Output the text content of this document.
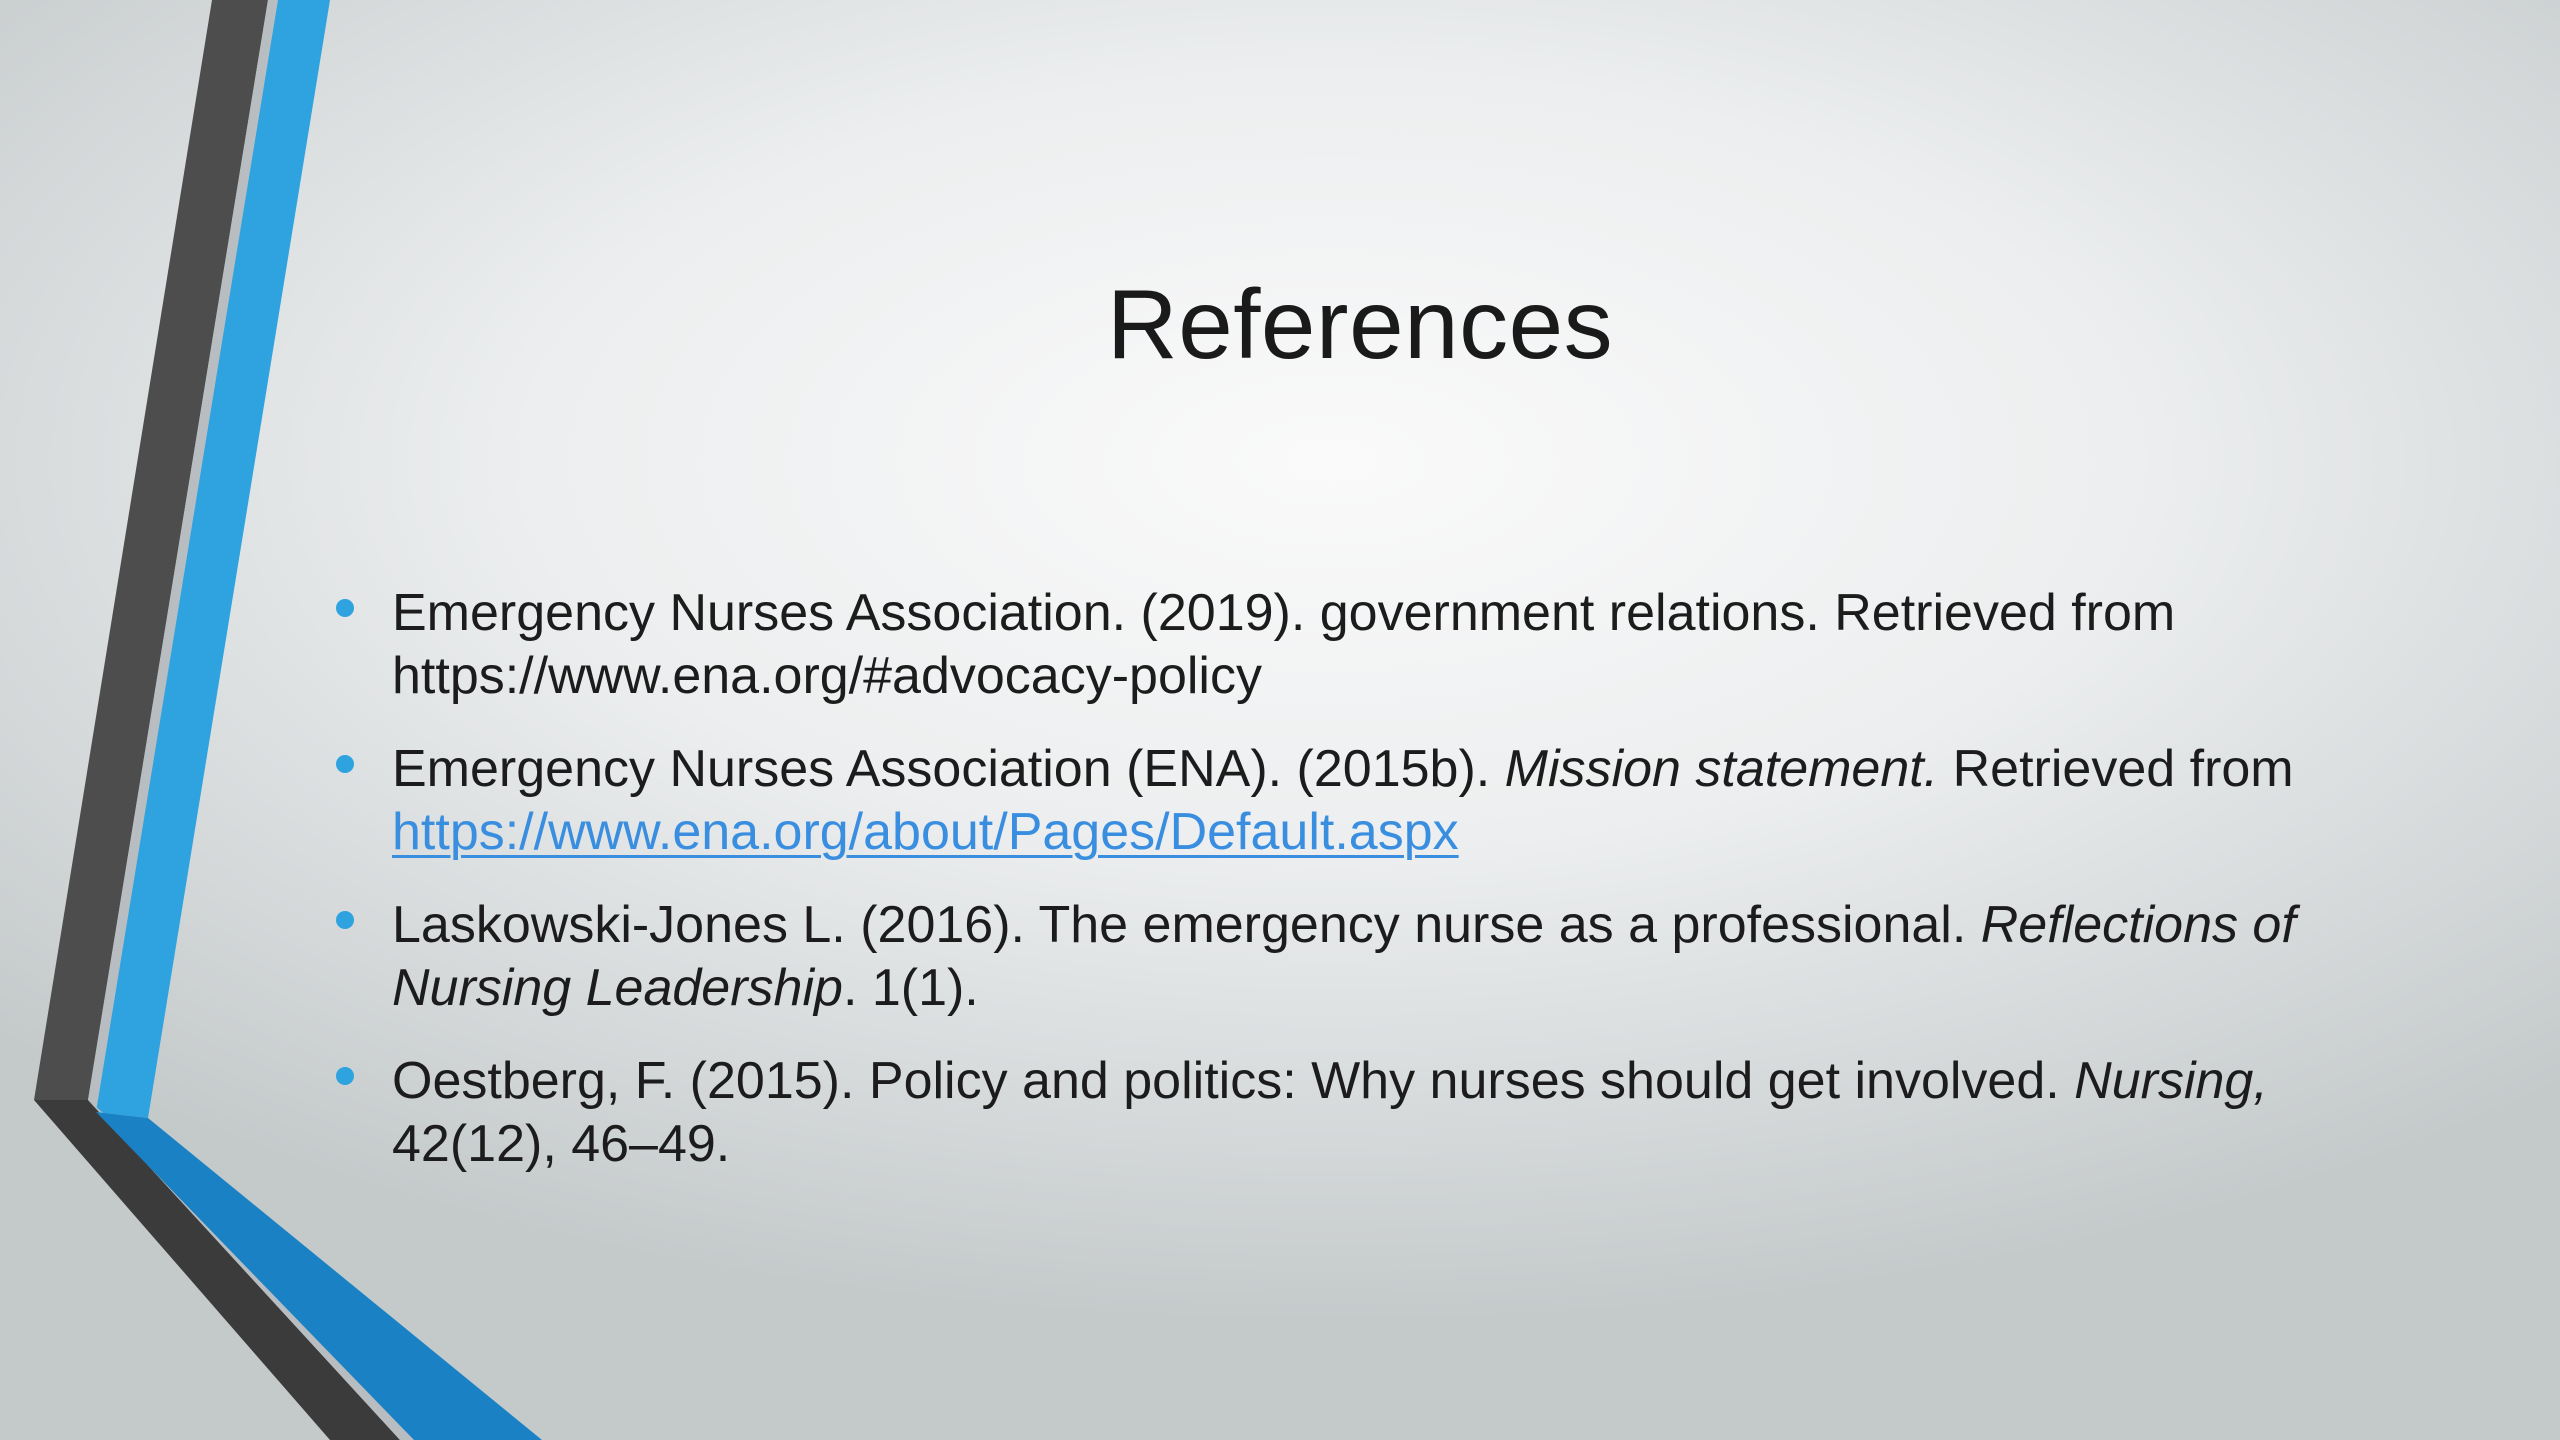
References
Emergency Nurses Association. (2019). government relations. Retrieved from https://www.ena.org/#advocacy-policy
Emergency Nurses Association (ENA). (2015b). Mission statement. Retrieved from
https://www.ena.org/about/Pages/Default.aspx
Laskowski-Jones L. (2016). The emergency nurse as a professional. Reflections of Nursing Leadership. 1(1).
Oestberg, F. (2015). Policy and politics: Why nurses should get involved. Nursing, 42(12), 46–49.
